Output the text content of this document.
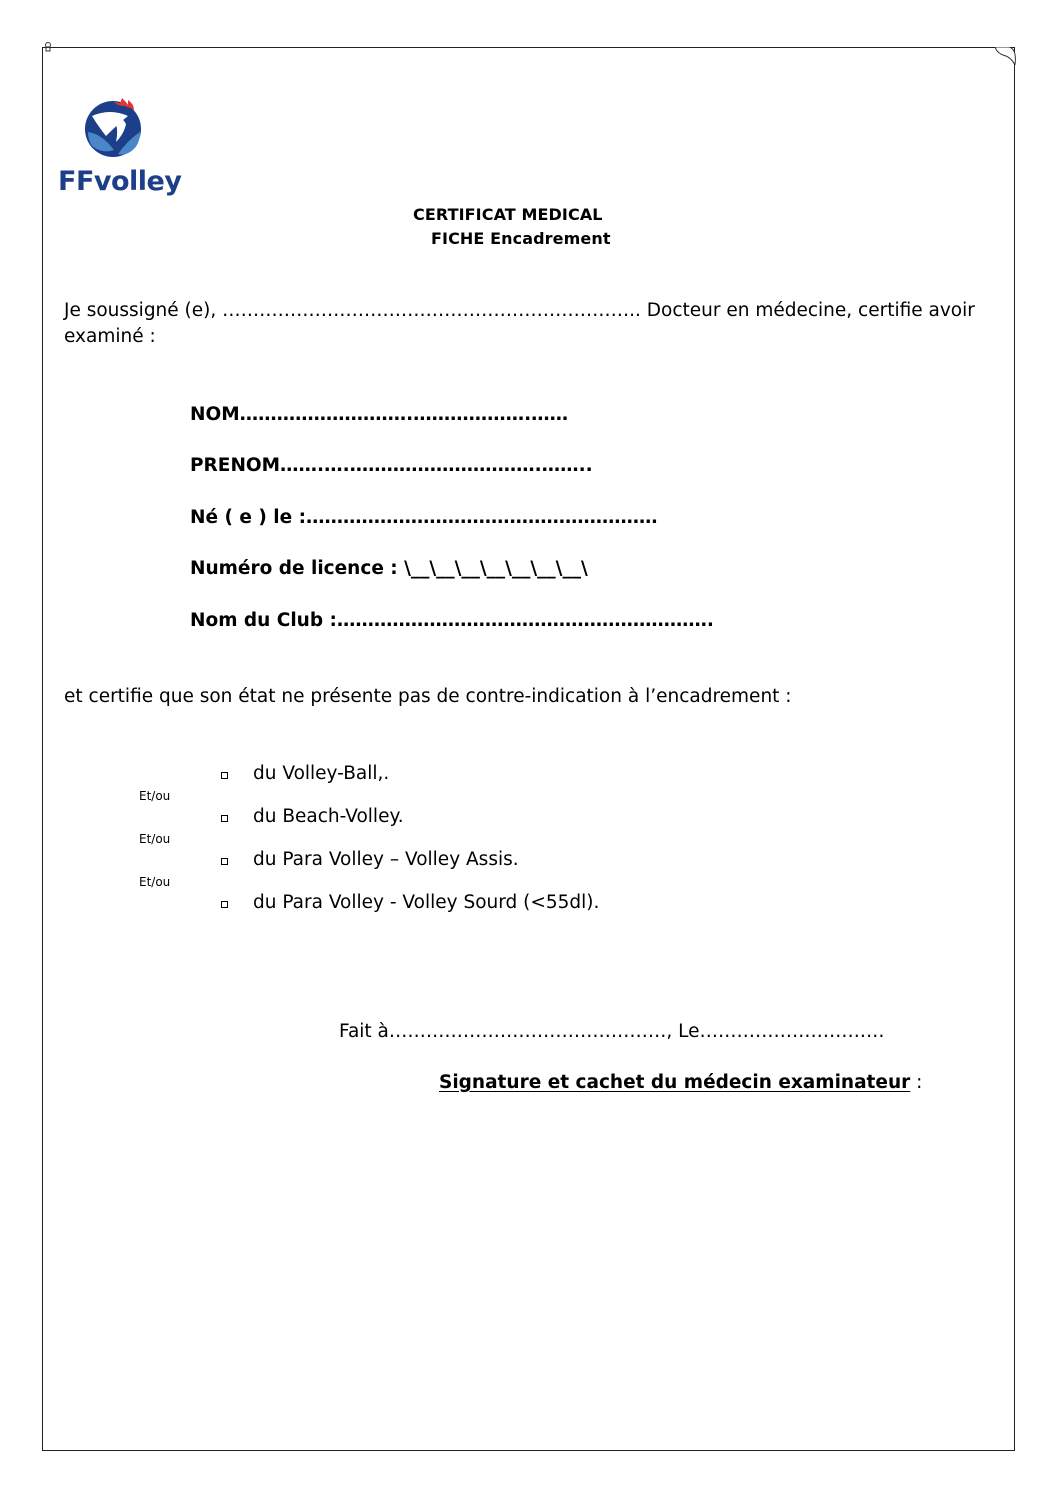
FFvolley
CERTIFICAT MEDICAL
FICHE Encadrement
Je soussigné (e), ………………………………………………………….. Docteur en médecine, certifie avoir
examiné :
NOM……………………….……………….……
PRENOM…….….………………………….……..
Né ( e ) le :…………………………………………………
Numéro de licence : \__\__\__\__\__\__\__\
Nom du Club :…………………………………………………….
et certifie que son état ne présente pas de contre-indication à l’encadrement :
du Volley-Ball,.
Et/ou
du Beach-Volley.
Et/ou
du Para Volley – Volley Assis.
Et/ou
du Para Volley - Volley Sourd (<55dl).
Fait à………………………………………, Le…………………………
Signature et cachet du médecin examinateur :
